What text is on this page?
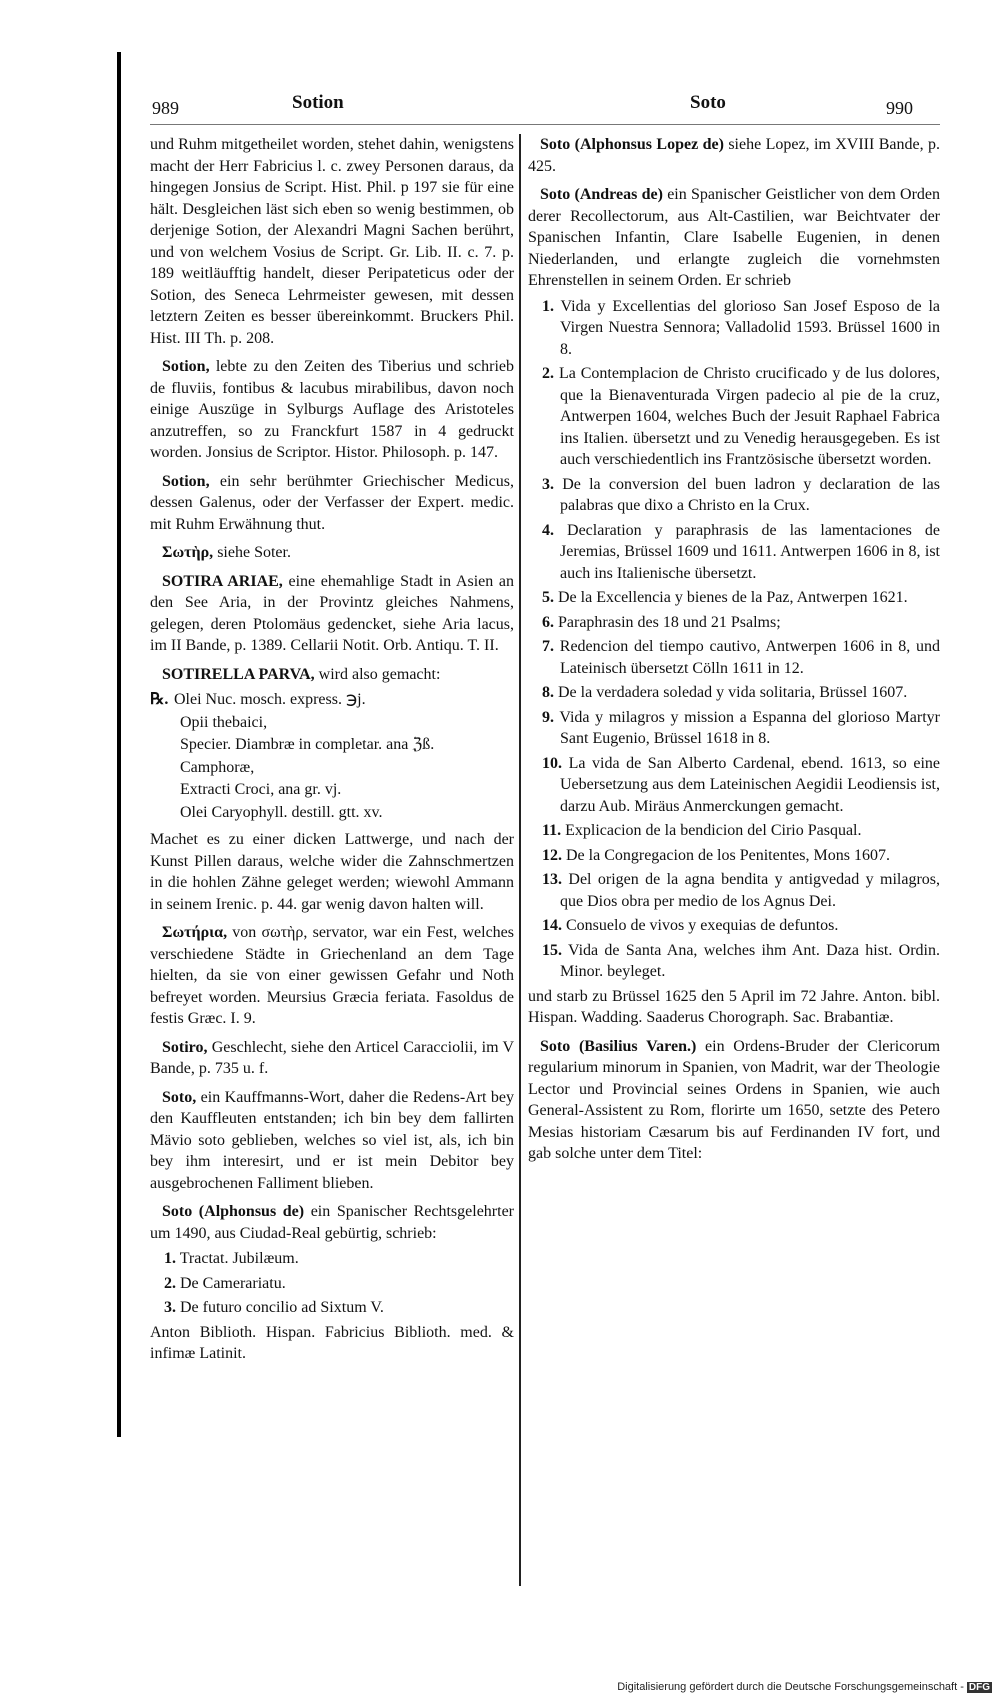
Sotion
989	Soto	990

und Ruhm mitgetheilet worden, stehet dahin, wenigstens macht der Herr Fabricius l. c. zwey Personen daraus, da hingegen Jonsius de Script. Hist. Phil. p 197 sie für eine hält. Desgleichen läst sich eben so wenig bestimmen, ob derjenige Sotion, der Alexandri Magni Sachen berührt, und von welchem Vosius de Script. Gr. Lib. II. c. 7. p. 189 weitläufftig handelt, dieser Peripateticus oder der Sotion, des Seneca Lehrmeister gewesen, mit dessen letztern Zeiten es besser übereinkommt. Bruckers Phil. Hist. III Th. p. 208.

Sotion, lebte zu den Zeiten des Tiberius und schrieb de fluviis, fontibus & lacubus mirabilibus, davon noch einige Auszüge in Sylburgs Auflage des Aristoteles anzutreffen, so zu Franckfurt 1587 in 4 gedruckt worden. Jonsius de Scriptor. Histor. Philosoph. p. 147.
Sotion, ein sehr berühmter Griechischer Medicus, dessen Galenus, oder der Verfasser der Expert. medic. mit Ruhm Erwähnung thut.
Σωτὴρ, siehe Soter.
SOTIRA ARIAE, eine ehemahlige Stadt in Asien an den See Aria, in der Provintz gleiches Nahmens, gelegen, deren Ptolomäus gedencket, siehe Aria lacus, im II Bande, p. 1389. Cellarii Notit. Orb. Antiqu. T. II.
SOTIRELLA PARVA, wird also gemacht:
℞. Olei Nuc. mosch. express. ℈j.
Opii thebaici,
Specier. Diambræ in completar. ana ℨß.
Camphoræ,
Extracti Croci, ana gr. vj.
Olei Caryophyll. destill. gtt. xv.

Machet es zu einer dicken Lattwerge, und nach der Kunst Pillen daraus, welche wider die Zahnschmertzen in die hohlen Zähne geleget werden; wiewohl Ammann in seinem Irenic. p. 44. gar wenig davon halten will.

Σωτήρια, von σωτὴρ, servator, war ein Fest, welches verschiedene Städte in Griechenland an dem Tage hielten, da sie von einer gewissen Gefahr und Noth befreyet worden. Meursius Græcia feriata. Fasoldus de festis Græc. I. 9.
Sotiro, Geschlecht, siehe den Articel Caracciolii, im V Bande, p. 735 u. f.
Soto, ein Kauffmanns-Wort, daher die Redens-Art bey den Kauffleuten entstanden; ich bin bey dem fallirten Mävio soto geblieben, welches so viel ist, als, ich bin bey ihm interesirt, und er ist mein Debitor bey ausgebrochenen Falliment blieben.
Soto (Alphonsus de) ein Spanischer Rechtsgelehrter um 1490, aus Ciudad-Real gebürtig, schrieb:
1. Tractat. Jubilæum.
2. De Camerariatu.
3. De futuro concilio ad Sixtum V.

Anton Biblioth. Hispan. Fabricius Biblioth. med. & infimæ Latinit.

Soto (Alphonsus Lopez de) siehe Lopez, im XVIII Bande, p. 425.
Soto (Andreas de) ein Spanischer Geistlicher von dem Orden derer Recollectorum, aus Alt-Castilien, war Beichtvater der Spanischen Infantin, Clare Isabelle Eugenien, in denen Niederlanden, und erlangte zugleich die vornehmsten Ehrenstellen in seinem Orden. Er schrieb
1. Vida y Excellentias del glorioso San Josef Esposo de la Virgen Nuestra Sennora; Valladolid 1593. Brüssel 1600 in 8.
2. La Contemplacion de Christo crucificado y de lus dolores, que la Bienaventurada Virgen padecio al pie de la cruz, Antwerpen 1604, welches Buch der Jesuit Raphael Fabrica ins Italien. übersetzt und zu Venedig herausgegeben. Es ist auch verschiedentlich ins Frantzösische übersetzt worden.
3. De la conversion del buen ladron y declaration de las palabras que dixo a Christo en la Crux.
4. Declaration y paraphrasis de las lamentaciones de Jeremias, Brüssel 1609 und 1611. Antwerpen 1606 in 8, ist auch ins Italienische übersetzt.
5. De la Excellencia y bienes de la Paz, Antwerpen 1621.
6. Paraphrasin des 18 und 21 Psalms;
7. Redencion del tiempo cautivo, Antwerpen 1606 in 8, und Lateinisch übersetzt Cölln 1611 in 12.
8. De la verdadera soledad y vida solitaria, Brüssel 1607.
9. Vida y milagros y mission a Espanna del glorioso Martyr Sant Eugenio, Brüssel 1618 in 8.
10. La vida de San Alberto Cardenal, ebend. 1613, so eine Uebersetzung aus dem Lateinischen Aegidii Leodiensis ist, darzu Aub. Miräus Anmerckungen gemacht.
11. Explicacion de la bendicion del Cirio Pasqual.
12. De la Congregacion de los Penitentes, Mons 1607.
13. Del origen de la agna bendita y antigvedad y milagros, que Dios obra per medio de los Agnus Dei.
14. Consuelo de vivos y exequias de defuntos.
15. Vida de Santa Ana, welches ihm Ant. Daza hist. Ordin. Minor. beyleget.

und starb zu Brüssel 1625 den 5 April im 72 Jahre. Anton. bibl. Hispan. Wadding. Saaderus Chorograph. Sac. Brabantiæ.

Soto (Basilius Varen.) ein Ordens-Bruder der Clericorum regularium minorum in Spanien, von Madrit, war der Theologie Lector und Provincial seines Ordens in Spanien, wie auch General-Assistent zu Rom, florirte um 1650, setzte des Petero Mesias historiam Cæsarum bis auf Ferdinanden IV fort, und gab solche unter dem Titel:
Digitalisierung gefördert durch die Deutsche Forschungsgemeinschaft - DFG
